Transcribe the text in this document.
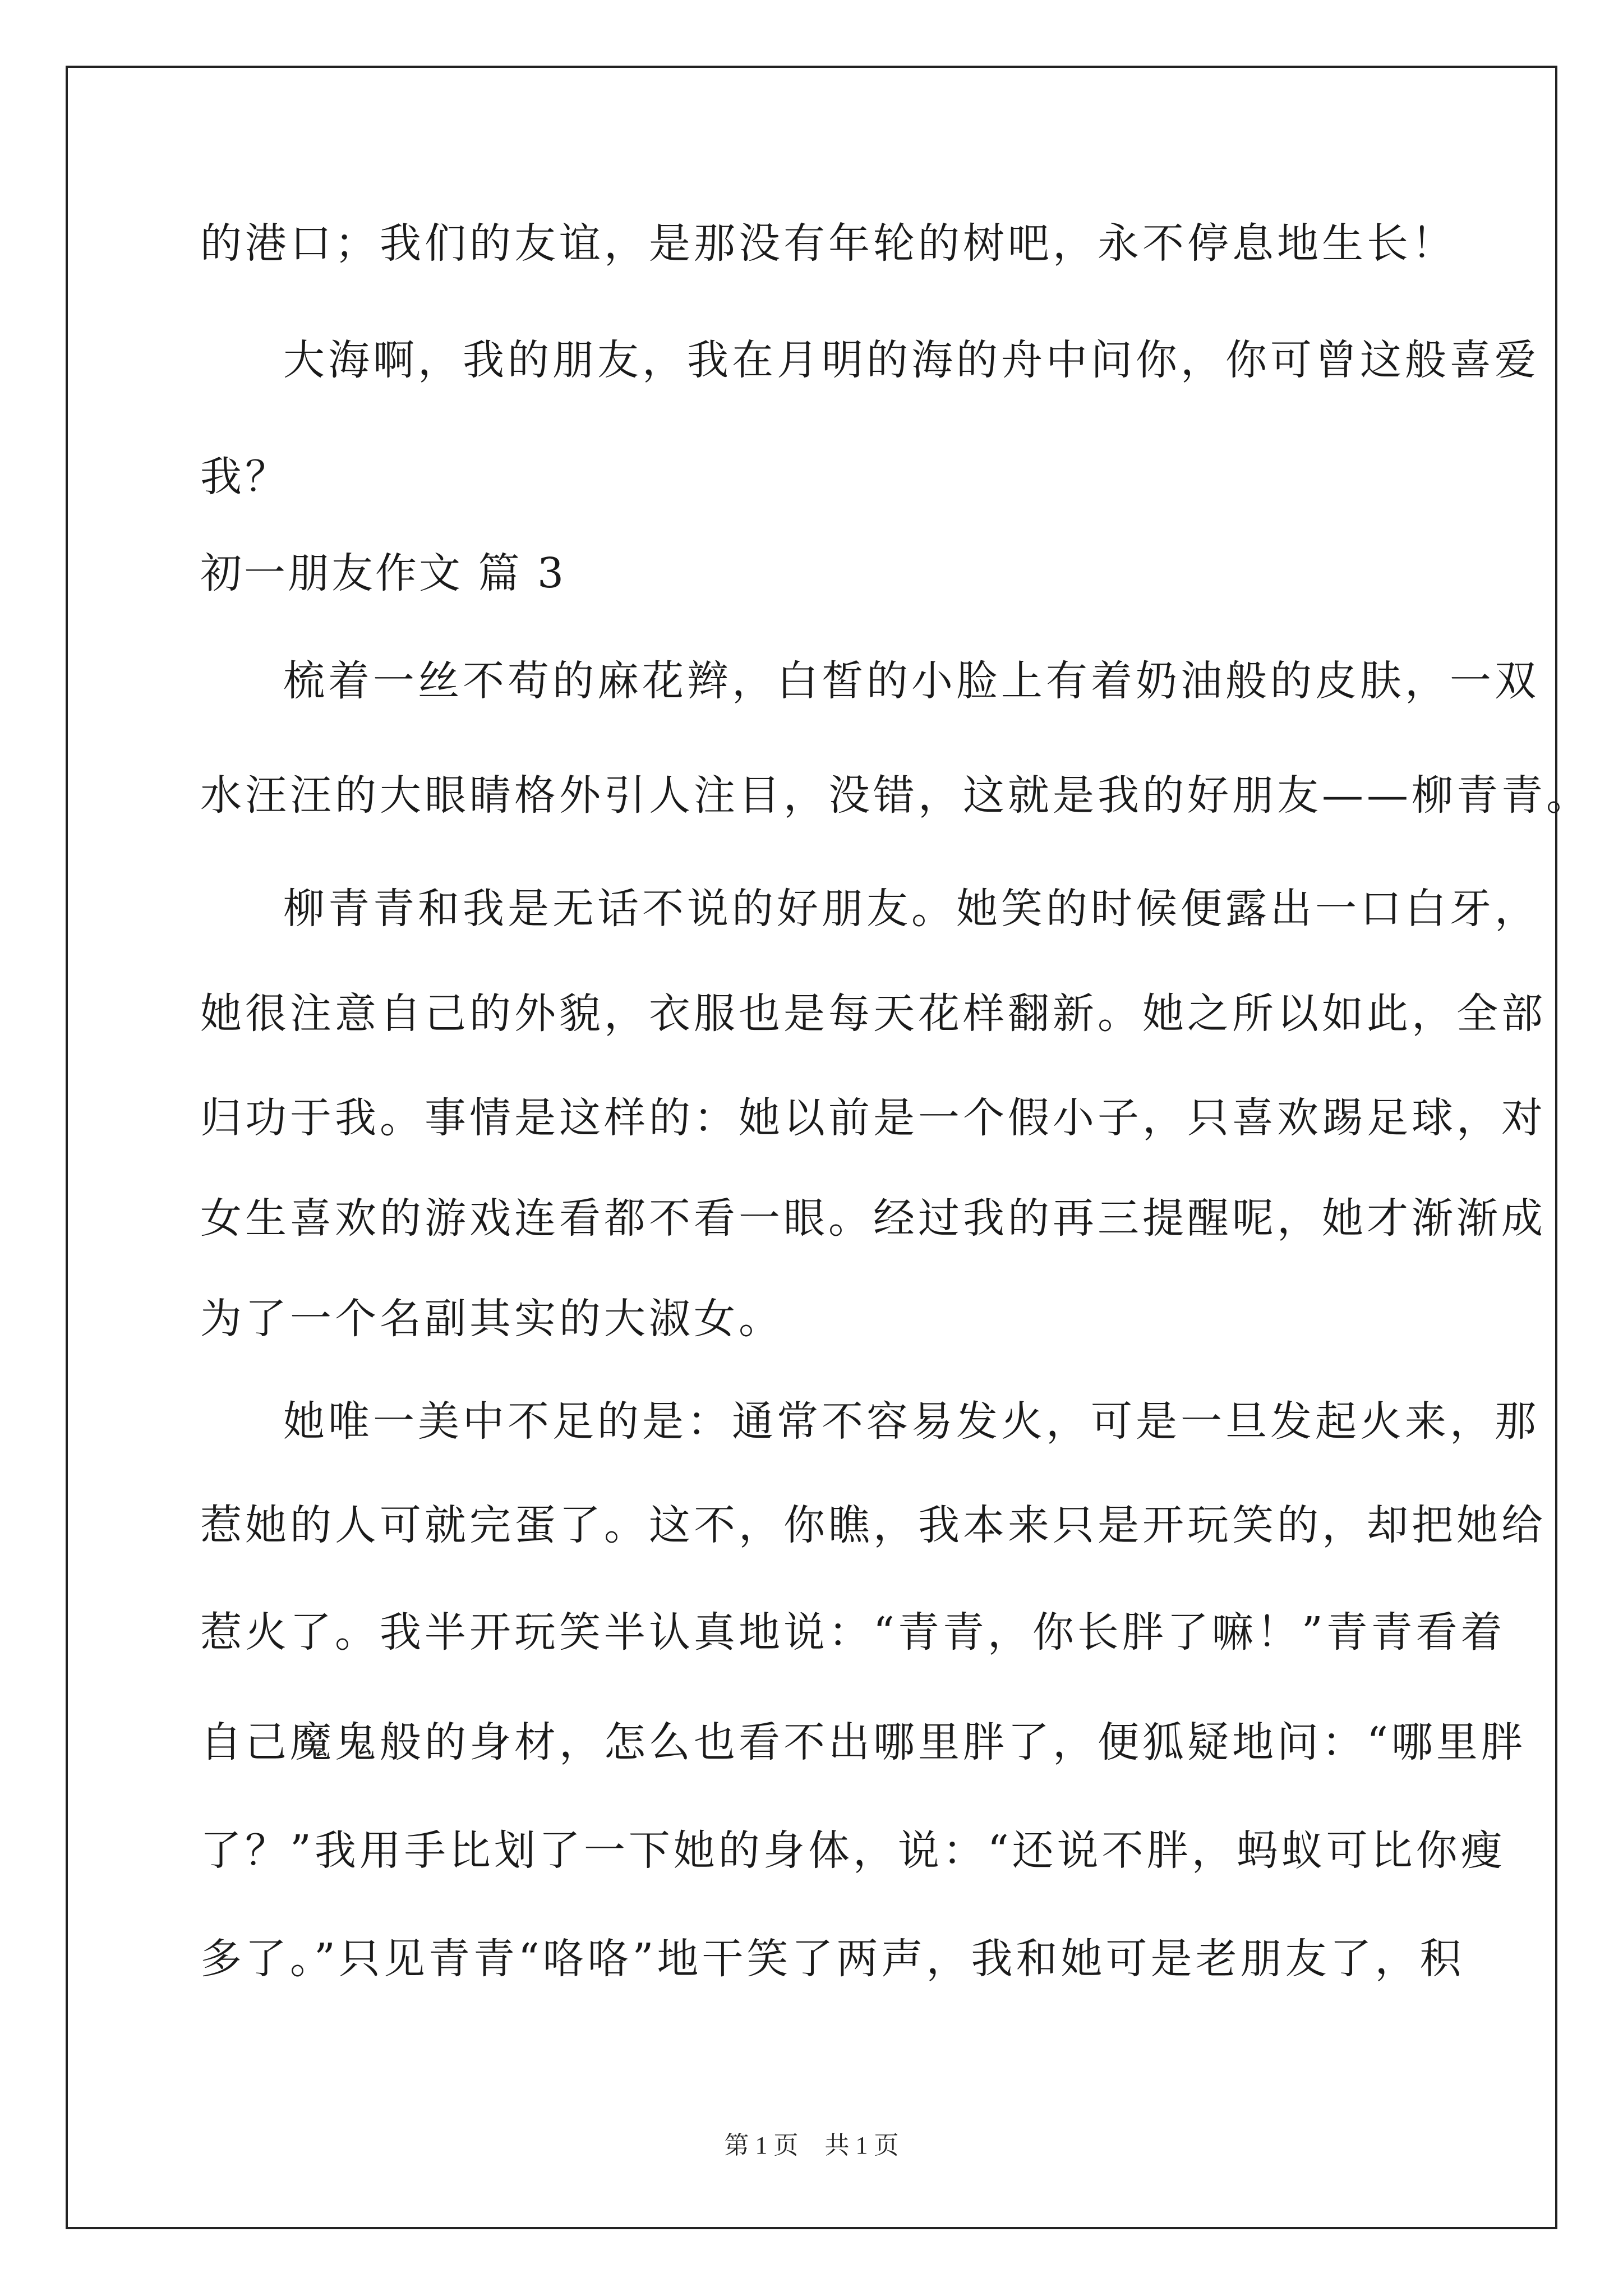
的港口；我们的友谊，是那没有年轮的树吧，永不停息地生长！
大海啊，我的朋友，我在月明的海的舟中问你，你可曾这般喜爱
我？
初一朋友作文 篇 3
梳着一丝不苟的麻花辫，白皙的小脸上有着奶油般的皮肤，一双
水汪汪的大眼睛格外引人注目，没错，这就是我的好朋友——柳青青。
柳青青和我是无话不说的好朋友。她笑的时候便露出一口白牙，
她很注意自己的外貌，衣服也是每天花样翻新。她之所以如此，全部
归功于我。事情是这样的：她以前是一个假小子，只喜欢踢足球，对
女生喜欢的游戏连看都不看一眼。经过我的再三提醒呢，她才渐渐成
为了一个名副其实的大淑女。
她唯一美中不足的是：通常不容易发火，可是一旦发起火来，那
惹她的人可就完蛋了。这不，你瞧，我本来只是开玩笑的，却把她给
惹火了。我半开玩笑半认真地说：“青青，你长胖了嘛！”青青看着
自己魔鬼般的身材，怎么也看不出哪里胖了，便狐疑地问：“哪里胖
了？”我用手比划了一下她的身体，说：“还说不胖，蚂蚁可比你瘦
多了。”只见青青“咯咯”地干笑了两声，我和她可是老朋友了，积
第 1 页 共 1 页
